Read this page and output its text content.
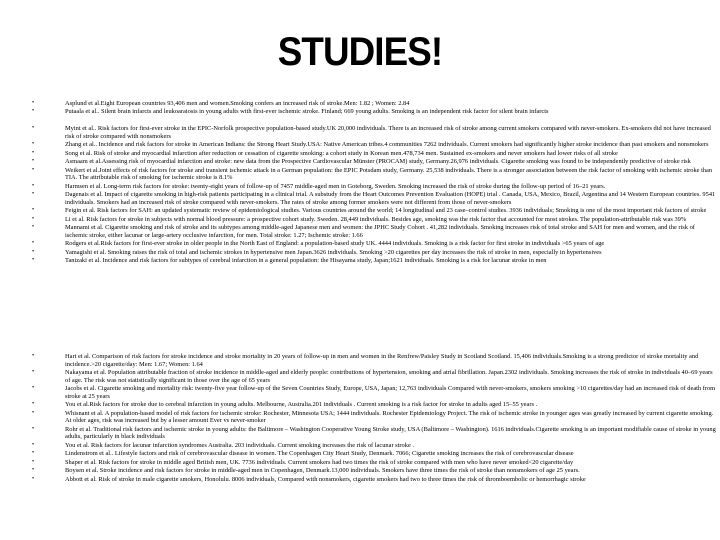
STUDIES!
•	Asplund et al.Eight European countries 93,406 men and women.Smoking confers an increased risk of stroke.Men: 1.82 ; Women: 2.84
•	Putaala et al.. Silent brain infarcts and leukoaraiosis in young adults with first-ever ischemic stroke. Finland; 669 young adults. Smoking is an independent risk factor for silent brain infarcts
•	Myint et al.. Risk factors for first-ever stroke in the EPIC-Norfolk prospective population-based study.UK 20,000 individuals. There is an increased risk of stroke among current smokers compared with never-smokers. Ex-smokers did not have increased risk of stroke compared with nonsmokers
•	Zhang et al.. Incidence and risk factors for stroke in American Indians: the Strong Heart Study.USA: Native American tribes.4 communities 7262 individuals. Current smokers had significantly higher stroke incidence than past smokers and nonsmokers
•	Song et al. Risk of stroke and myocardial infarction after reduction or cessation of cigarette smoking: a cohort study in Korean men.478,734 men. Sustained ex-smokers and never smokers had lower risks of all stroke
•	Asmaam et al.Assessing risk of myocardial infarction and stroke: new data from the Prospective Cardiovascular Münster (PROCAM) study, Germany.26,976 individuals. Cigarette smoking was found to be independently predictive of stroke risk
•	Weikert et al.Joint effects of risk factors for stroke and transient ischemic attack in a German population: the EPIC Potsdam study, Germany. 25,538 individuals. There is a stronger association between the risk factor of smoking with ischemic stroke than TIA. The attributable risk of smoking for ischemic stroke is 8.1%
•	Harmsen et al. Long-term risk factors for stroke: twenty-eight years of follow-up of 7457 middle-aged men in Goteborg, Sweden. Smoking increased the risk of stroke during the follow-up period of 16–21 years.
•	Dagenais et al. Impact of cigarette smoking in high-risk patients participating in a clinical trial. A substudy from the Heart Outcomes Prevention Evaluation (HOPE) trial . Canada, USA, Mexico, Brazil, Argentina and 14 Western European countries. 9541 individuals. Smokers had an increased risk of stroke compared with never-smokers. The rates of stroke among former smokers were not different from those of never-smokers
•	Feigin et al. Risk factors for SAH: an updated systematic review of epidemiological studies. Various countries around the world; 14 longitudinal and 23 case–control studies. 3936 individuals; Smoking is one of the most important risk factors of stroke
•	Li et al. Risk factors for stroke in subjects with normal blood pressure: a prospective cohort study. Sweden. 28,449 individuals. Besides age, smoking was the risk factor that accounted for most strokes. The population-attributable risk was 39%
•	Mannami et al. Cigarette smoking and risk of stroke and its subtypes among middle-aged Japanese men and women: the JPHC Study Cohort . 41,282 individuals. Smoking increases risk of total stroke and SAH for men and women, and the risk of ischemic stroke, either lacunar or large-artery occlusive infarction, for men. Total stroke: 1.27; Ischemic stroke: 1.66
•	Rodgers et al.Risk factors for first-ever stroke in older people in the North East of England: a population-based study UK. 4444 individuals. Smoking is a risk factor for first stroke in individuals >65 years of age
•	Yamagishi et al. Smoking raises the risk of total and ischemic strokes in hypertensive men Japan.3626 individuals. Smoking >20 cigarettes per day increases the risk of stroke in men, especially in hypertensives
•	Tanizaki et al. Incidence and risk factors for subtypes of cerebral infarction in a general population: the Hisayama study, Japan;1621 individuals. Smoking is a risk for lacunar stroke in men
•	Hart et al. Comparison of risk factors for stroke incidence and stroke mortality in 20 years of follow-up in men and women in the Renfrew/Paisley Study in Scotland Scotland. 15,406 individuals.Smoking is a strong predictor of stroke mortality and incidence.>20 cigarette/day: Men: 1.67; Women: 1.64
•	Nakayama et al. Population attributable fraction of stroke incidence in middle-aged and elderly people: contributions of hypertension, smoking and atrial fibrillation. Japan.2302 individuals. Smoking increases the risk of stroke in individuals 40–69 years of age. The risk was not statistically significant in those over the age of 65 years
•	Jacobs et al. Cigarette smoking and mortality risk: twenty-five year follow-up of the Seven Countries Study, Europe, USA, Japan; 12,763 individuals Compared with never-smokers, smokers smoking >10 cigarettes/day had an increased risk of death from stroke at 25 years
•	You et al.Risk factors for stroke due to cerebral infarction in young adults. Melbourne, Australia.201 individuals . Current smoking is a risk factor for stroke in adults aged 15–55 years .
•	Whisnant et al. A population-based model of risk factors for ischemic stroke: Rochester, Minnesota USA; 1444 individuals. Rochester Epidemiology Project. The risk of ischemic stroke in younger ages was greatly increased by current cigarette smoking. At older ages, risk was increased but by a lesser amount Ever vs never-smoker
•	Rohr et al. Traditional risk factors and ischemic stroke in young adults: the Baltimore – Washington Cooperative Young Stroke study, USA (Baltimore – Washington). 1616 individuals.Cigarette smoking is an important modifiable cause of stroke in young adults, particularly in black individuals
•	You et al. Risk factors for lacunar infarction syndromes Australia. 203 individuals. Current smoking increases the risk of lacunar stroke .
•	Lindenstrom et al.. Lifestyle factors and risk of cerebrovascular disease in women. The Copenhagen City Heart Study, Denmark. 7066; Cigarette smoking increases the risk of cerebrovascular disease
•	Shaper et al. Risk factors for stroke in middle aged British men, UK. 7736 individuals. Current smokers had two times the risk of stroke compared with men who have never smoked<20 cigarette/day
•	Boysen et al. Stroke incidence and risk factors for stroke in middle-aged men in Copenhagen, Denmark.13,000 individuals. Smokers have three times the risk of stroke than nonsmokers of age 25 years.
•	Abbott et al. Risk of stroke in male cigarette smokers, Honolulu. 8006 individuals, Compared with nonsmokers, cigarette smokers had two to three times the risk of thromboembolic or hemorrhagic stroke
